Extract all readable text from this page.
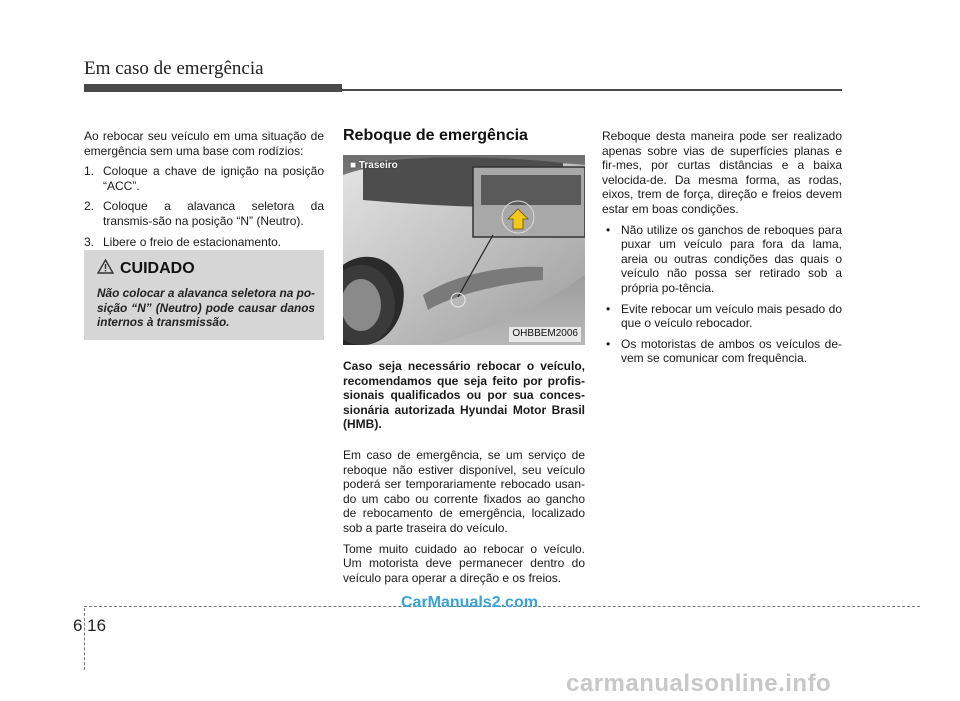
Em caso de emergência

Ao rebocar seu veículo em uma situação de emergência sem uma base com rodízios:

1. Coloque a chave de ignição na posição “ACC”.
2. Coloque a alavanca seletora da transmis-são na posição “N” (Neutro).
3. Libere o freio de estacionamento.
CUIDADO
Não colocar a alavanca seletora na po-sição “N” (Neutro) pode causar danos internos à transmissão.
Reboque de emergência
■ Traseiro
OHBBEM2006

Caso seja necessário rebocar o veículo, recomendamos que seja feito por profis-sionais qualificados ou por sua conces-sionária autorizada Hyundai Motor Brasil (HMB).

Em caso de emergência, se um serviço de reboque não estiver disponível, seu veículo poderá ser temporariamente rebocado usan-do um cabo ou corrente fixados ao gancho de rebocamento de emergência, localizado sob a parte traseira do veículo.

Tome muito cuidado ao rebocar o veículo. Um motorista deve permanecer dentro do veículo para operar a direção e os freios.

Reboque desta maneira pode ser realizado apenas sobre vias de superfícies planas e fir-mes, por curtas distâncias e a baixa velocida-de. Da mesma forma, as rodas, eixos, trem de força, direção e freios devem estar em boas condições.

• Não utilize os ganchos de reboques para puxar um veículo para fora da lama, areia ou outras condições das quais o veículo não possa ser retirado sob a própria po-tência.
• Evite rebocar um veículo mais pesado do que o veículo rebocador.
• Os motoristas de ambos os veículos de-vem se comunicar com frequência.
6 16
CarManuals2.com
carmanualsonline.info
